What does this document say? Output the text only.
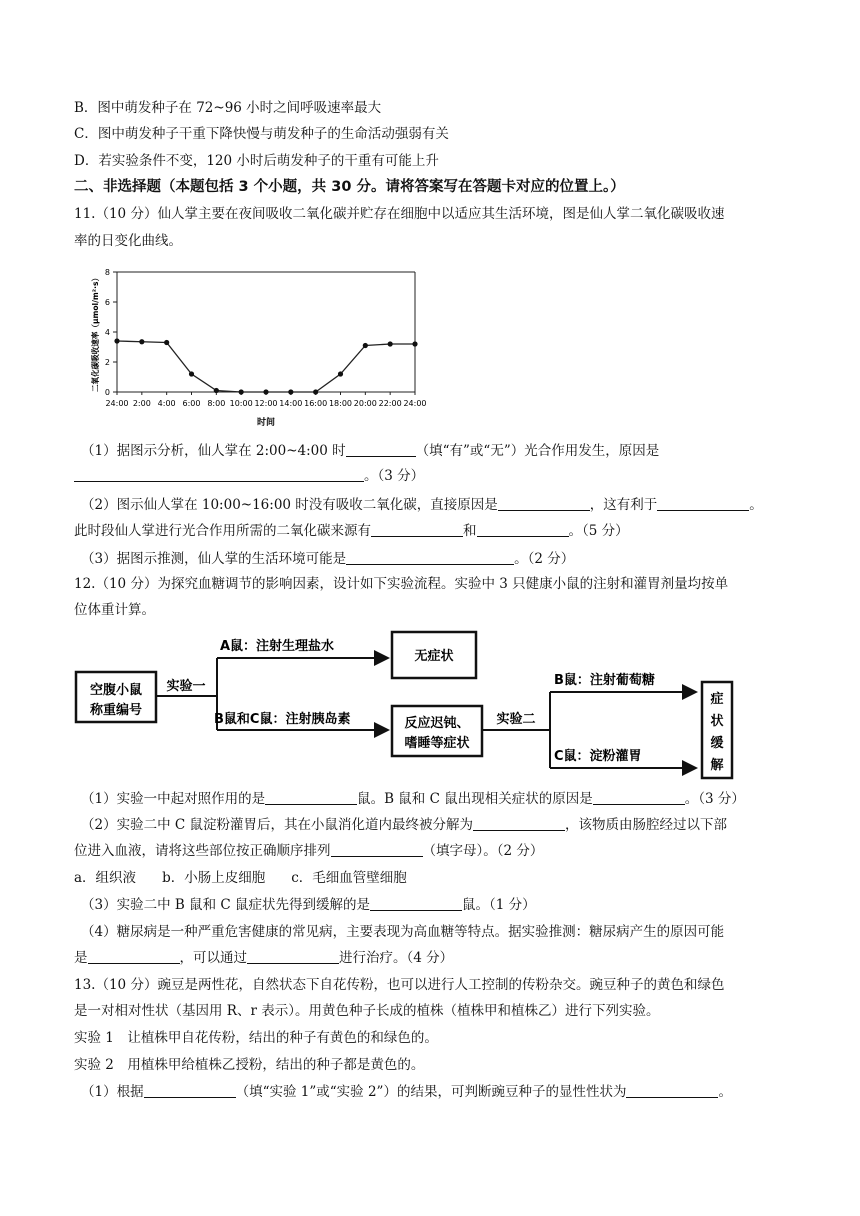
B．图中萌发种子在 72~96 小时之间呼吸速率最大
C．图中萌发种子干重下降快慢与萌发种子的生命活动强弱有关
D．若实验条件不变，120 小时后萌发种子的干重有可能上升
二、非选择题（本题包括 3 个小题，共 30 分。请将答案写在答题卡对应的位置上。）
11.（10 分）仙人掌主要在夜间吸收二氧化碳并贮存在细胞中以适应其生活环境，图是仙人掌二氧化碳吸收速
率的日变化曲线。
0
2
4
6
8
24:00 2:00 4:00 6:00 8:00 10:00 12:00 14:00 16:00 18:00 20:00 22:00 24:00
二氧化碳吸收速率（μmol/m²·s）
时间
（1）据图示分析，仙人掌在 2:00~4:00 时	（填“有”或“无”）光合作用发生，原因是
。（3 分）
（2）图示仙人掌在 10:00~16:00 时没有吸收二氧化碳，直接原因是	，这有利于	。
此时段仙人掌进行光合作用所需的二氧化碳来源有	和	。（5 分）
（3）据图示推测，仙人掌的生活环境可能是	。（2 分）
12.（10 分）为探究血糖调节的影响因素，设计如下实验流程。实验中 3 只健康小鼠的注射和灌胃剂量均按单
位体重计算。
空腹小鼠
称重编号
实验一
A鼠：注射生理盐水
B鼠和C鼠：注射胰岛素
无症状
反应迟钝、
嗜睡等症状
实验二
B鼠：注射葡萄糖
C鼠：淀粉灌胃
症
状
缓
解
（1）实验一中起对照作用的是	鼠。B 鼠和 C 鼠出现相关症状的原因是	。（3 分）
（2）实验二中 C 鼠淀粉灌胃后，其在小鼠消化道内最终被分解为	，该物质由肠腔经过以下部
位进入血液，请将这些部位按正确顺序排列	（填字母）。（2 分）
a．组织液 b．小肠上皮细胞 c．毛细血管壁细胞
（3）实验二中 B 鼠和 C 鼠症状先得到缓解的是	鼠。（1 分）
（4）糖尿病是一种严重危害健康的常见病，主要表现为高血糖等特点。据实验推测：糖尿病产生的原因可能
是	，可以通过	进行治疗。（4 分）
13.（10 分）豌豆是两性花，自然状态下自花传粉，也可以进行人工控制的传粉杂交。豌豆种子的黄色和绿色
是一对相对性状（基因用 R、r 表示）。用黄色种子长成的植株（植株甲和植株乙）进行下列实验。
实验 1　让植株甲自花传粉，结出的种子有黄色的和绿色的。
实验 2　用植株甲给植株乙授粉，结出的种子都是黄色的。
（1）根据	（填“实验 1”或“实验 2”）的结果，可判断豌豆种子的显性性状为	。
